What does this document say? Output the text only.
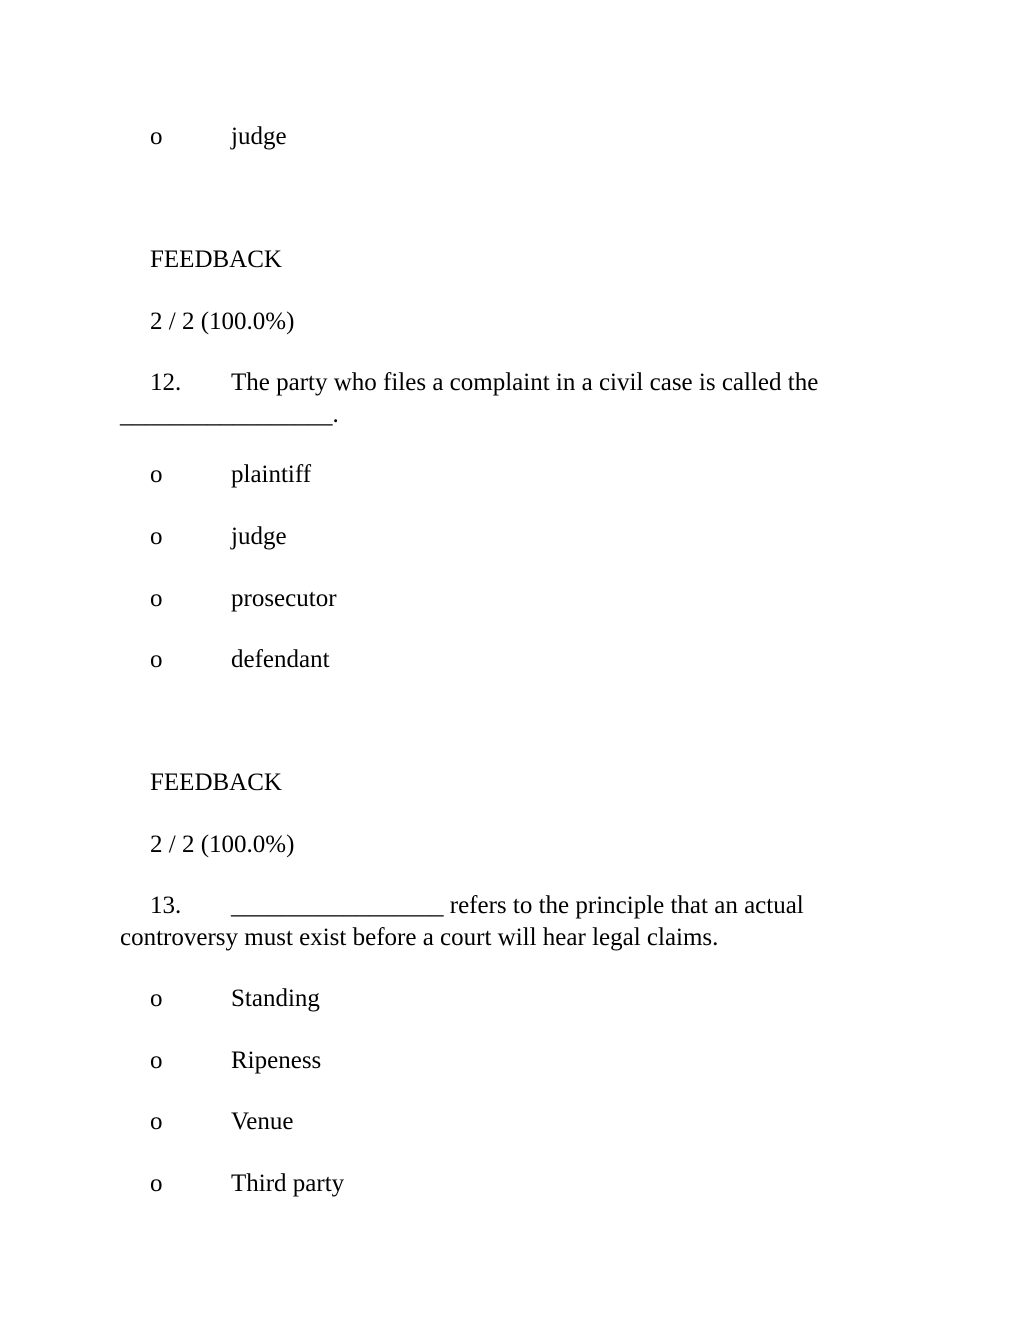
o	judge
FEEDBACK
2 / 2 (100.0%)
12. The party who files a complaint in a civil case is called the
_________________.
o	plaintiff
o	judge
o	prosecutor
o	defendant
FEEDBACK
2 / 2 (100.0%)
13. _________________ refers to the principle that an actual
controversy must exist before a court will hear legal claims.
o	Standing
o	Ripeness
o	Venue
o	Third party
